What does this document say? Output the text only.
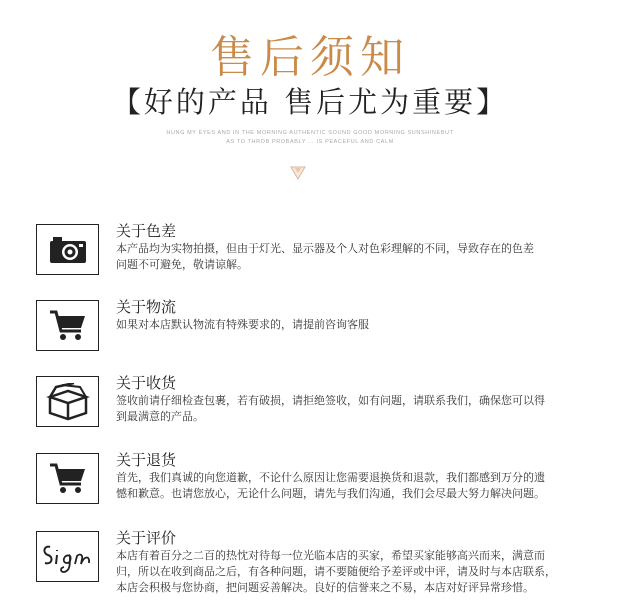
售后须知
【好的产品 售后尤为重要】
HUNG MY EYES AND IN THE MORNING AUTHENTIC SOUND GOOD MORNING SUNSHINEBUT
AS TO THROB PROBABLY ... IS PEACEFUL AND CALM
关于色差
本产品均为实物拍摄，但由于灯光、显示器及个人对色彩理解的不同，导致存在的色差
问题不可避免，敬请谅解。
关于物流
如果对本店默认物流有特殊要求的，请提前咨询客服
关于收货
签收前请仔细检查包裹，若有破损，请拒绝签收，如有问题，请联系我们，确保您可以得
到最满意的产品。
关于退货
首先，我们真诚的向您道歉，不论什么原因让您需要退换货和退款，我们都感到万分的遗
憾和歉意。也请您放心，无论什么问题，请先与我们沟通，我们会尽最大努力解决问题。
关于评价
本店有着百分之二百的热忱对待每一位光临本店的买家，希望买家能够高兴而来，满意而
归，所以在收到商品之后，有各种问题，请不要随便给予差评或中评，请及时与本店联系，
本店会积极与您协商，把问题妥善解决。良好的信誉来之不易，本店对好评异常珍惜。
